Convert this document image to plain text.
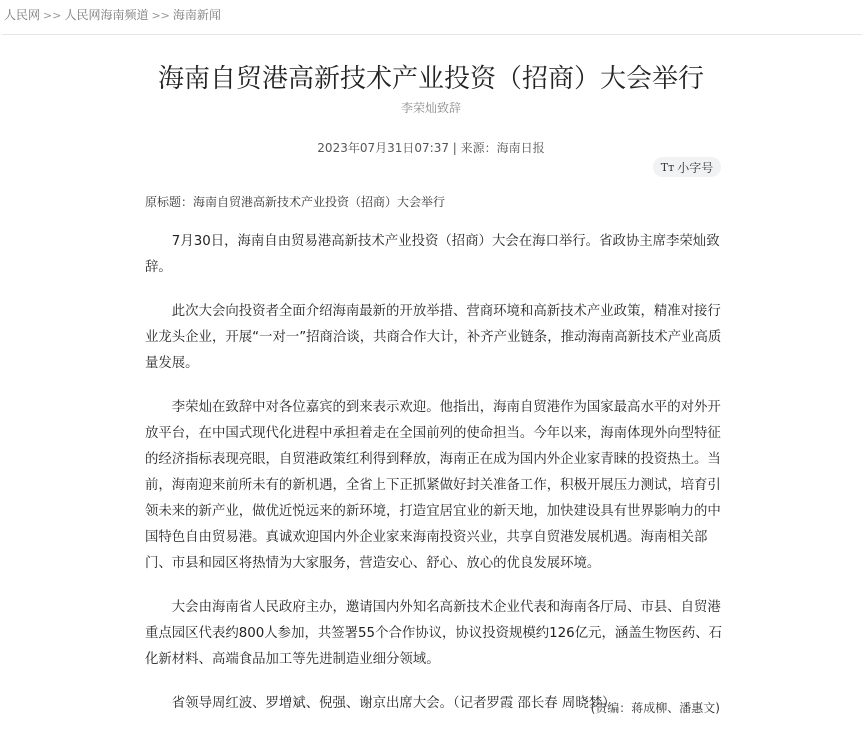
人民网 >> 人民网海南频道 >> 海南新闻
海南自贸港高新技术产业投资（招商）大会举行
李荣灿致辞
2023年07月31日07:37 | 来源：海南日报
Tт 小字号
原标题：海南自贸港高新技术产业投资（招商）大会举行

7月30日，海南自由贸易港高新技术产业投资（招商）大会在海口举行。省政协主席李荣灿致辞。

此次大会向投资者全面介绍海南最新的开放举措、营商环境和高新技术产业政策，精准对接行业龙头企业，开展“一对一”招商洽谈，共商合作大计，补齐产业链条，推动海南高新技术产业高质量发展。

李荣灿在致辞中对各位嘉宾的到来表示欢迎。他指出，海南自贸港作为国家最高水平的对外开放平台，在中国式现代化进程中承担着走在全国前列的使命担当。今年以来，海南体现外向型特征的经济指标表现亮眼，自贸港政策红利得到释放，海南正在成为国内外企业家青睐的投资热土。当前，海南迎来前所未有的新机遇，全省上下正抓紧做好封关准备工作，积极开展压力测试，培育引领未来的新产业，做优近悦远来的新环境，打造宜居宜业的新天地，加快建设具有世界影响力的中国特色自由贸易港。真诚欢迎国内外企业家来海南投资兴业，共享自贸港发展机遇。海南相关部门、市县和园区将热情为大家服务，营造安心、舒心、放心的优良发展环境。

大会由海南省人民政府主办，邀请国内外知名高新技术企业代表和海南各厅局、市县、自贸港重点园区代表约800人参加，共签署55个合作协议，协议投资规模约126亿元，涵盖生物医药、石化新材料、高端食品加工等先进制造业细分领域。

省领导周红波、罗增斌、倪强、谢京出席大会。（记者罗霞 邵长春 周晓梦）

(责编：蒋成柳、潘惠文)
